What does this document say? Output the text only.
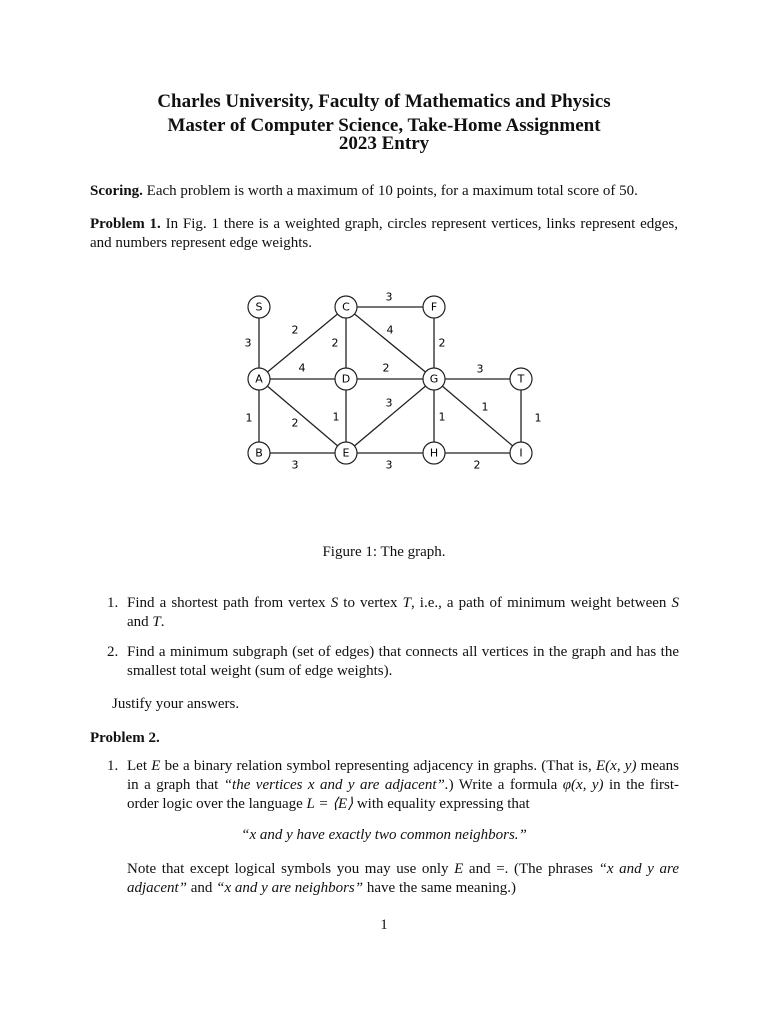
Charles University, Faculty of Mathematics and Physics
Master of Computer Science, Take-Home Assignment
2023 Entry
Scoring. Each problem is worth a maximum of 10 points, for a maximum total score of 50.
Problem 1. In Fig. 1 there is a weighted graph, circles represent vertices, links represent edges, and numbers represent edge weights.
3
3
2
2
4
2
4	2	3
1	2	1
3
1
1
1
3	3	2
S	C	F
A	D	G	T
B	E	H	I
Figure 1: The graph.
1. Find a shortest path from vertex S to vertex T, i.e., a path of minimum weight between S and T.
2. Find a minimum subgraph (set of edges) that connects all vertices in the graph and has the smallest total weight (sum of edge weights).
Justify your answers.
Problem 2.
1. Let E be a binary relation symbol representing adjacency in graphs. (That is, E(x, y) means in a graph that “the vertices x and y are adjacent”.) Write a formula φ(x, y) in the first-order logic over the language L = ⟨E⟩ with equality expressing that
“x and y have exactly two common neighbors.”
Note that except logical symbols you may use only E and =. (The phrases “x and y are adjacent” and “x and y are neighbors” have the same meaning.)
1
